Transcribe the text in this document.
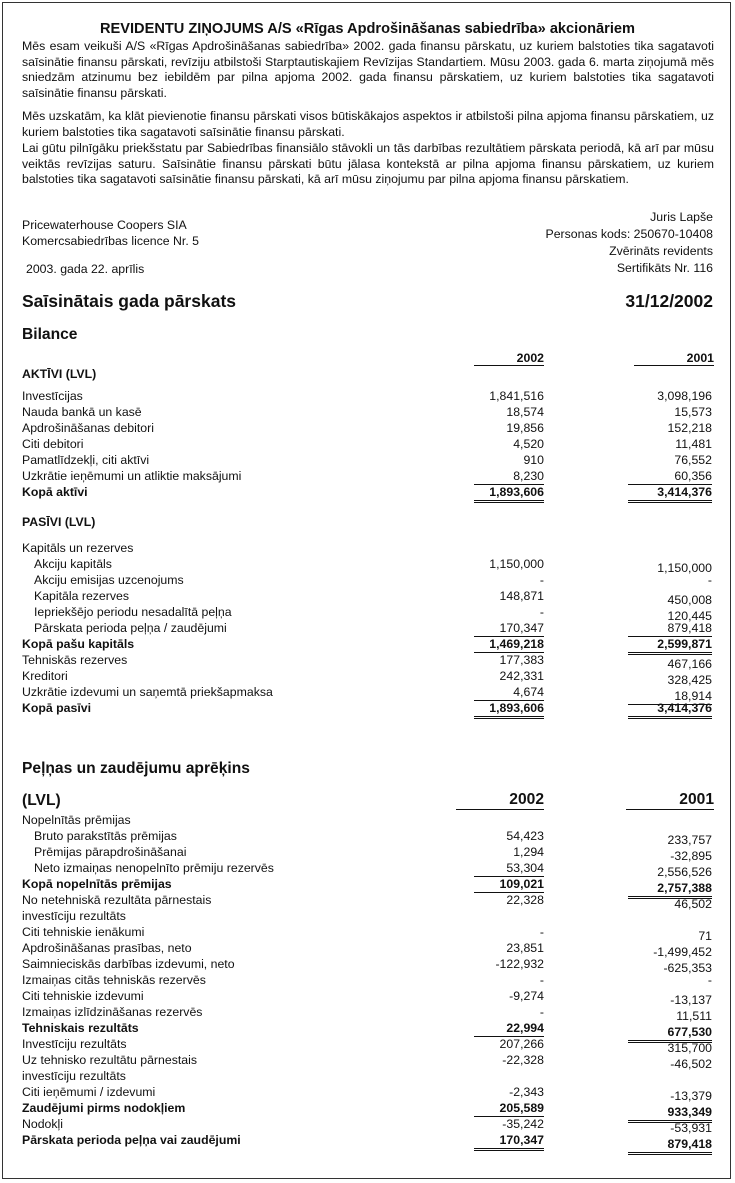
REVIDENTU ZIŅOJUMS A/S «Rīgas Apdrošināšanas sabiedrība» akcionāriem

Mēs esam veikuši A/S «Rīgas Apdrošināšanas sabiedrība» 2002. gada finansu pārskatu, uz kuriem balstoties tika sagatavoti saīsinātie finansu pārskati, revīziju atbilstoši Starptautiskajiem Revīzijas Standartiem. Mūsu 2003. gada 6. marta ziņojumā mēs sniedzām atzinumu bez iebildēm par pilna apjoma 2002. gada finansu pārskatiem, uz kuriem balstoties tika sagatavoti saīsinātie finansu pārskati.

Mēs uzskatām, ka klāt pievienotie finansu pārskati visos būtiskākajos aspektos ir atbilstoši pilna apjoma finansu pārskatiem, uz kuriem balstoties tika sagatavoti saīsinātie finansu pārskati.

Lai gūtu pilnīgāku priekšstatu par Sabiedrības finansiālo stāvokli un tās darbības rezultātiem pārskata periodā, kā arī par mūsu veiktās revīzijas saturu. Saīsinātie finansu pārskati būtu jālasa kontekstā ar pilna apjoma finansu pārskatiem, uz kuriem balstoties tika sagatavoti saīsinātie finansu pārskati, kā arī mūsu ziņojumu par pilna apjoma finansu pārskatiem.

Pricewaterhouse Coopers SIA
Komercsabiedrības licence Nr. 5
2003. gada 22. aprīlis
Juris Lapše
Personas kods: 250670-10408
Zvērināts revidents
Sertifikāts Nr. 116
Saīsinātais gada pārskats	31/12/2002
Bilance
2002	2001
AKTĪVI (LVL)
Investīcijas	1,841,516	3,098,196
Nauda bankā un kasē	18,574	15,573
Apdrošināšanas debitori	19,856	152,218
Citi debitori	4,520	11,481
Pamatlīdzekļi, citi aktīvi	910	76,552
Uzkrātie ieņēmumi un atliktie maksājumi	8,230	60,356
Kopā aktīvi	1,893,606	3,414,376
PASĪVI (LVL)
Kapitāls un rezerves
Akciju kapitāls	1,150,000	1,150,000
Akciju emisijas uzcenojums	-	-
Kapitāla rezerves	148,871	450,008
Iepriekšējo periodu nesadalītā peļņa	-	120,445
Pārskata perioda peļņa / zaudējumi	170,347	879,418
Kopā pašu kapitāls	1,469,218	2,599,871
Tehniskās rezerves	177,383	467,166
Kreditori	242,331	328,425
Uzkrātie izdevumi un saņemtā priekšapmaksa	4,674	18,914
Kopā pasīvi	1,893,606	3,414,376
Peļņas un zaudējumu aprēķins
(LVL)	2002	2001
Nopelnītās prēmijas
Bruto parakstītās prēmijas	54,423	233,757
Prēmijas pārapdrošināšanai	1,294	-32,895
Neto izmaiņas nenopelnīto prēmiju rezervēs	53,304	2,556,526
Kopā nopelnītās prēmijas	109,021	2,757,388
No netehniskā rezultāta pārnestais	22,328	46,502
investīciju rezultāts
Citi tehniskie ienākumi	-	71
Apdrošināšanas prasības, neto	23,851	-1,499,452
Saimnieciskās darbības izdevumi, neto	-122,932	-625,353
Izmaiņas citās tehniskās rezervēs	-	-
Citi tehniskie izdevumi	-9,274	-13,137
Izmaiņas izlīdzināšanas rezervēs	-	11,511
Tehniskais rezultāts	22,994	677,530
Investīciju rezultāts	207,266	315,700
Uz tehnisko rezultātu pārnestais	-22,328	-46,502
investīciju rezultāts
Citi ieņēmumi / izdevumi	-2,343	-13,379
Zaudējumi pirms nodokļiem	205,589	933,349
Nodokļi	-35,242	-53,931
Pārskata perioda peļņa vai zaudējumi	170,347	879,418
